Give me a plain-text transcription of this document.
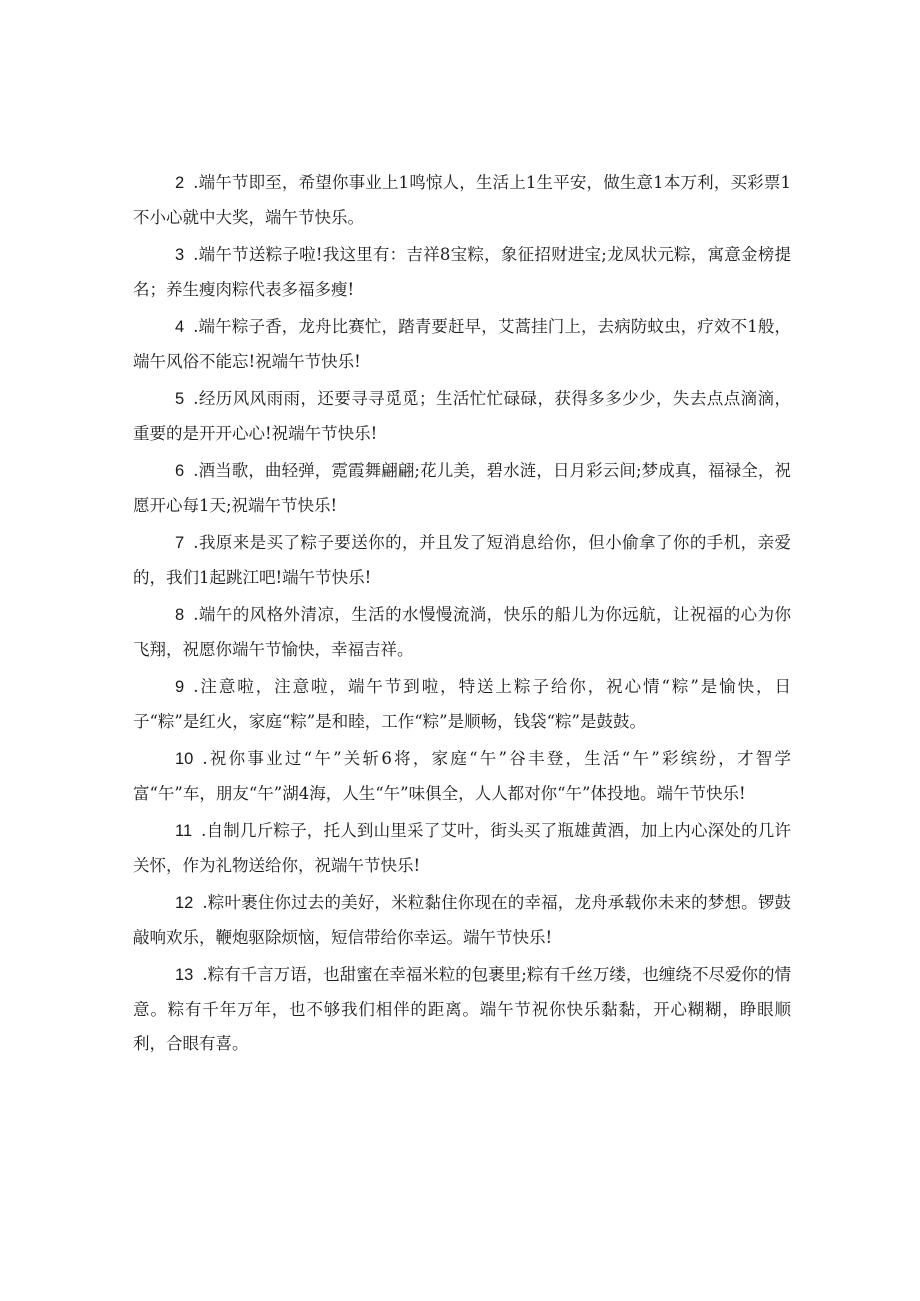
2 .端午节即至，希望你事业上1鸣惊人，生活上1生平安，做生意1本万利，买彩票1不小心就中大奖，端午节快乐。

3 .端午节送粽子啦!我这里有：吉祥8宝粽，象征招财进宝;龙凤状元粽，寓意金榜提名；养生瘦肉粽代表多福多瘦!

4 .端午粽子香，龙舟比赛忙，踏青要赶早，艾蒿挂门上，去病防蚊虫，疗效不1般，端午风俗不能忘!祝端午节快乐!

5 .经历风风雨雨，还要寻寻觅觅；生活忙忙碌碌，获得多多少少，失去点点滴滴，重要的是开开心心!祝端午节快乐!

6 .酒当歌，曲轻弹，霓霞舞翩翩;花儿美，碧水涟，日月彩云间;梦成真，福禄全，祝愿开心每1天;祝端午节快乐!

7 .我原来是买了粽子要送你的，并且发了短消息给你，但小偷拿了你的手机，亲爱的，我们1起跳江吧!端午节快乐!

8 .端午的风格外清凉，生活的水慢慢流淌，快乐的船儿为你远航，让祝福的心为你飞翔，祝愿你端午节愉快，幸福吉祥。

9 .注意啦，注意啦，端午节到啦，特送上粽子给你，祝心情“粽”是愉快，日子“粽”是红火，家庭“粽”是和睦，工作“粽”是顺畅，钱袋“粽”是鼓鼓。

10 .祝你事业过“午”关斩6将，家庭“午”谷丰登，生活“午”彩缤纷，才智学富“午”车，朋友“午”湖4海，人生“午”味俱全，人人都对你“午”体投地。端午节快乐!

11 .自制几斤粽子，托人到山里采了艾叶，街头买了瓶雄黄酒，加上内心深处的几许关怀，作为礼物送给你，祝端午节快乐!

12 .粽叶裹住你过去的美好，米粒黏住你现在的幸福，龙舟承载你未来的梦想。锣鼓敲响欢乐，鞭炮驱除烦恼，短信带给你幸运。端午节快乐!

13 .粽有千言万语，也甜蜜在幸福米粒的包裹里;粽有千丝万缕，也缠绕不尽爱你的情意。粽有千年万年，也不够我们相伴的距离。端午节祝你快乐黏黏，开心糊糊，睁眼顺利，合眼有喜。
